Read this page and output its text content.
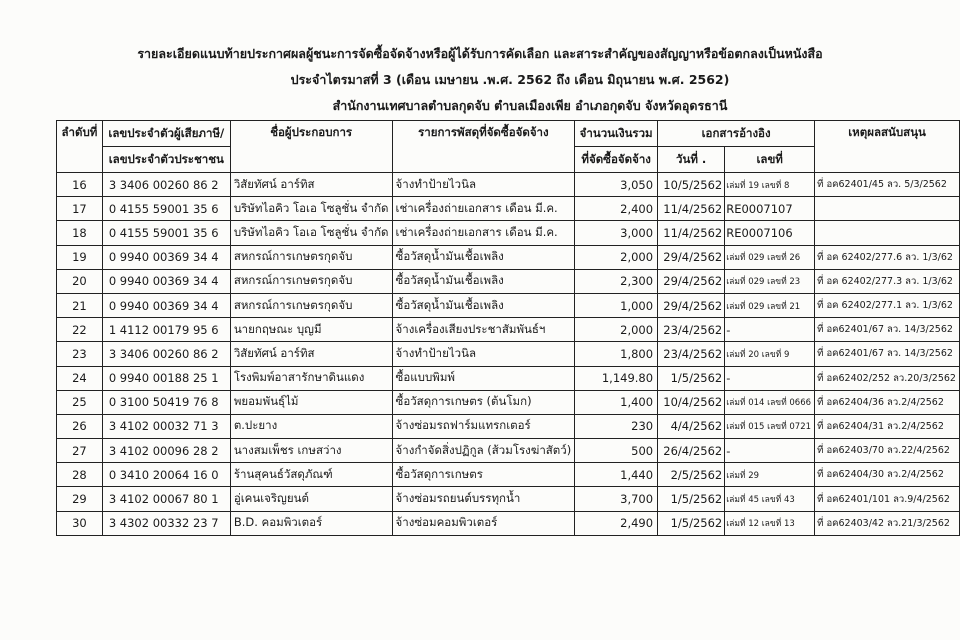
รายละเอียดแนบท้ายประกาศผลผู้ชนะการจัดซื้อจัดจ้างหรือผู้ได้รับการคัดเลือก และสาระสำคัญของสัญญาหรือข้อตกลงเป็นหนังสือ
ประจำไตรมาสที่ 3 (เดือน เมษายน .พ.ศ. 2562 ถึง เดือน มิถุนายน พ.ศ. 2562)
สำนักงานเทศบาลตำบลกุดจับ ตำบลเมืองเพีย อำเภอกุดจับ จังหวัดอุดรธานี
ลำดับที่	เลขประจำตัวผู้เสียภาษี/	ชื่อผู้ประกอบการ	รายการพัสดุที่จัดซื้อจัดจ้าง	จำนวนเงินรวม	เอกสารอ้างอิง		เหตุผลสนับสนุน
	เลขประจำตัวประชาชน			ที่จัดซื้อจัดจ้าง	วันที่ .	เลขที่	
16	3 3406 00260 86 2	วิสัยทัศน์ อาร์ทิส	จ้างทำป้ายไวนิล	3,050	10/5/2562	เล่มที่ 19 เลขที่ 8	ที่ อค62401/45 ลว. 5/3/2562
17	0 4155 59001 35 6	บริษัทไอคิว โอเอ โซลูชั่น จำกัด	เช่าเครื่องถ่ายเอกสาร เดือน มี.ค.	2,400	11/4/2562	RE0007107	
18	0 4155 59001 35 6	บริษัทไอคิว โอเอ โซลูชั่น จำกัด	เช่าเครื่องถ่ายเอกสาร เดือน มี.ค.	3,000	11/4/2562	RE0007106	
19	0 9940 00369 34 4	สหกรณ์การเกษตรกุดจับ	ซื้อวัสดุน้ำมันเชื้อเพลิง	2,000	29/4/2562	เล่มที่ 029 เลขที่ 26	ที่ อค 62402/277.6 ลว. 1/3/62
20	0 9940 00369 34 4	สหกรณ์การเกษตรกุดจับ	ซื้อวัสดุน้ำมันเชื้อเพลิง	2,300	29/4/2562	เล่มที่ 029 เลขที่ 23	ที่ อค 62402/277.3 ลว. 1/3/62
21	0 9940 00369 34 4	สหกรณ์การเกษตรกุดจับ	ซื้อวัสดุน้ำมันเชื้อเพลิง	1,000	29/4/2562	เล่มที่ 029 เลขที่ 21	ที่ อค 62402/277.1 ลว. 1/3/62
22	1 4112 00179 95 6	นายกฤษณะ บุญมี	จ้างเครื่องเสียงประชาสัมพันธ์ฯ	2,000	23/4/2562	-	ที่ อค62401/67 ลว. 14/3/2562
23	3 3406 00260 86 2	วิสัยทัศน์ อาร์ทิส	จ้างทำป้ายไวนิล	1,800	23/4/2562	เล่มที่ 20 เลขที่ 9	ที่ อค62401/67 ลว. 14/3/2562
24	0 9940 00188 25 1	โรงพิมพ์อาสารักษาดินแดง	ซื้อแบบพิมพ์	1,149.80	1/5/2562	-	ที่ อค62402/252 ลว.20/3/2562
25	0 3100 50419 76 8	พยอมพันธุ์ไม้	ซื้อวัสดุการเกษตร (ต้นโมก)	1,400	10/4/2562	เล่มที่ 014 เลขที่ 0666	ที่ อค62404/36 ลว.2/4/2562
26	3 4102 00032 71 3	ต.ปะยาง	จ้างซ่อมรถฟาร์มแทรกเตอร์	230	4/4/2562	เล่มที่ 015 เลขที่ 0721	ที่ อค62404/31 ลว.2/4/2562
27	3 4102 00096 28 2	นางสมเพ็ชร เกษสว่าง	จ้างกำจัดสิ่งปฏิกูล (ส้วมโรงฆ่าสัตว์)	500	26/4/2562	-	ที่ อค62403/70 ลว.22/4/2562
28	0 3410 20064 16 0	ร้านสุคนธ์วัสดุภัณฑ์	ซื้อวัสดุการเกษตร	1,440	2/5/2562	เล่มที่ 29	ที่ อค62404/30 ลว.2/4/2562
29	3 4102 00067 80 1	อู่เคนเจริญยนต์	จ้างซ่อมรถยนต์บรรทุกน้ำ	3,700	1/5/2562	เล่มที่ 45 เลขที่ 43	ที่ อค62401/101 ลว.9/4/2562
30	3 4302 00332 23 7	B.D. คอมพิวเตอร์	จ้างซ่อมคอมพิวเตอร์	2,490	1/5/2562	เล่มที่ 12 เลขที่ 13	ที่ อค62403/42 ลว.21/3/2562
